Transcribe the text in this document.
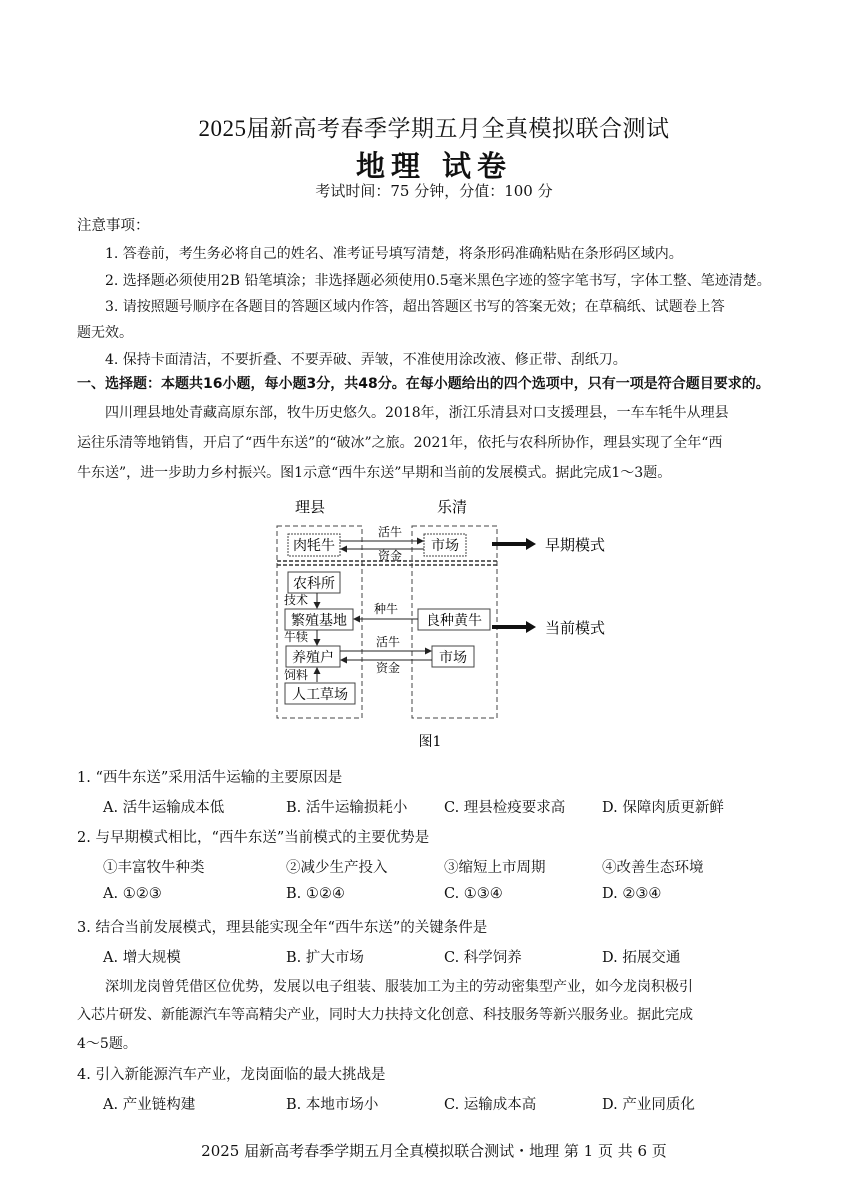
2025届新高考春季学期五月全真模拟联合测试
地理 试卷
考试时间：75 分钟，分值：100 分
注意事项：
1. 答卷前，考生务必将自己的姓名、准考证号填写清楚，将条形码准确粘贴在条形码区域内。
2. 选择题必须使用2B 铅笔填涂；非选择题必须使用0.5毫米黑色字迹的签字笔书写，字体工整、笔迹清楚。
3. 请按照题号顺序在各题目的答题区域内作答，超出答题区书写的答案无效；在草稿纸、试题卷上答
题无效。
4. 保持卡面清洁，不要折叠、不要弄破、弄皱，不准使用涂改液、修正带、刮纸刀。
一、选择题：本题共16小题，每小题3分，共48分。在每小题给出的四个选项中，只有一项是符合题目要求的。
四川理县地处青藏高原东部，牧牛历史悠久。2018年，浙江乐清县对口支援理县，一车车牦牛从理县
运往乐清等地销售，开启了“西牛东送”的“破冰”之旅。2021年，依托与农科所协作，理县实现了全年“西
牛东送”，进一步助力乡村振兴。图1示意“西牛东送”早期和当前的发展模式。据此完成1～3题。
理县	乐清
肉牦牛	市场
活牛
资金
早期模式
农科所
技术
繁殖基地	良种黄牛
种牛
当前模式
牛犊
养殖户	市场
活牛
资金
饲料
人工草场
图1
1. “西牛东送”采用活牛运输的主要原因是
A. 活牛运输成本低	B. 活牛运输损耗小	C. 理县检疫要求高	D. 保障肉质更新鲜
2. 与早期模式相比，“西牛东送”当前模式的主要优势是
①丰富牧牛种类	②减少生产投入	③缩短上市周期	④改善生态环境
A. ①②③	B. ①②④	C. ①③④	D. ②③④
3. 结合当前发展模式，理县能实现全年“西牛东送”的关键条件是
A. 增大规模	B. 扩大市场	C. 科学饲养	D. 拓展交通
深圳龙岗曾凭借区位优势，发展以电子组装、服装加工为主的劳动密集型产业，如今龙岗积极引
入芯片研发、新能源汽车等高精尖产业，同时大力扶持文化创意、科技服务等新兴服务业。据此完成
4～5题。
4. 引入新能源汽车产业，龙岗面临的最大挑战是
A. 产业链构建	B. 本地市场小	C. 运输成本高	D. 产业同质化
2025 届新高考春季学期五月全真模拟联合测试・地理 第 1 页 共 6 页
